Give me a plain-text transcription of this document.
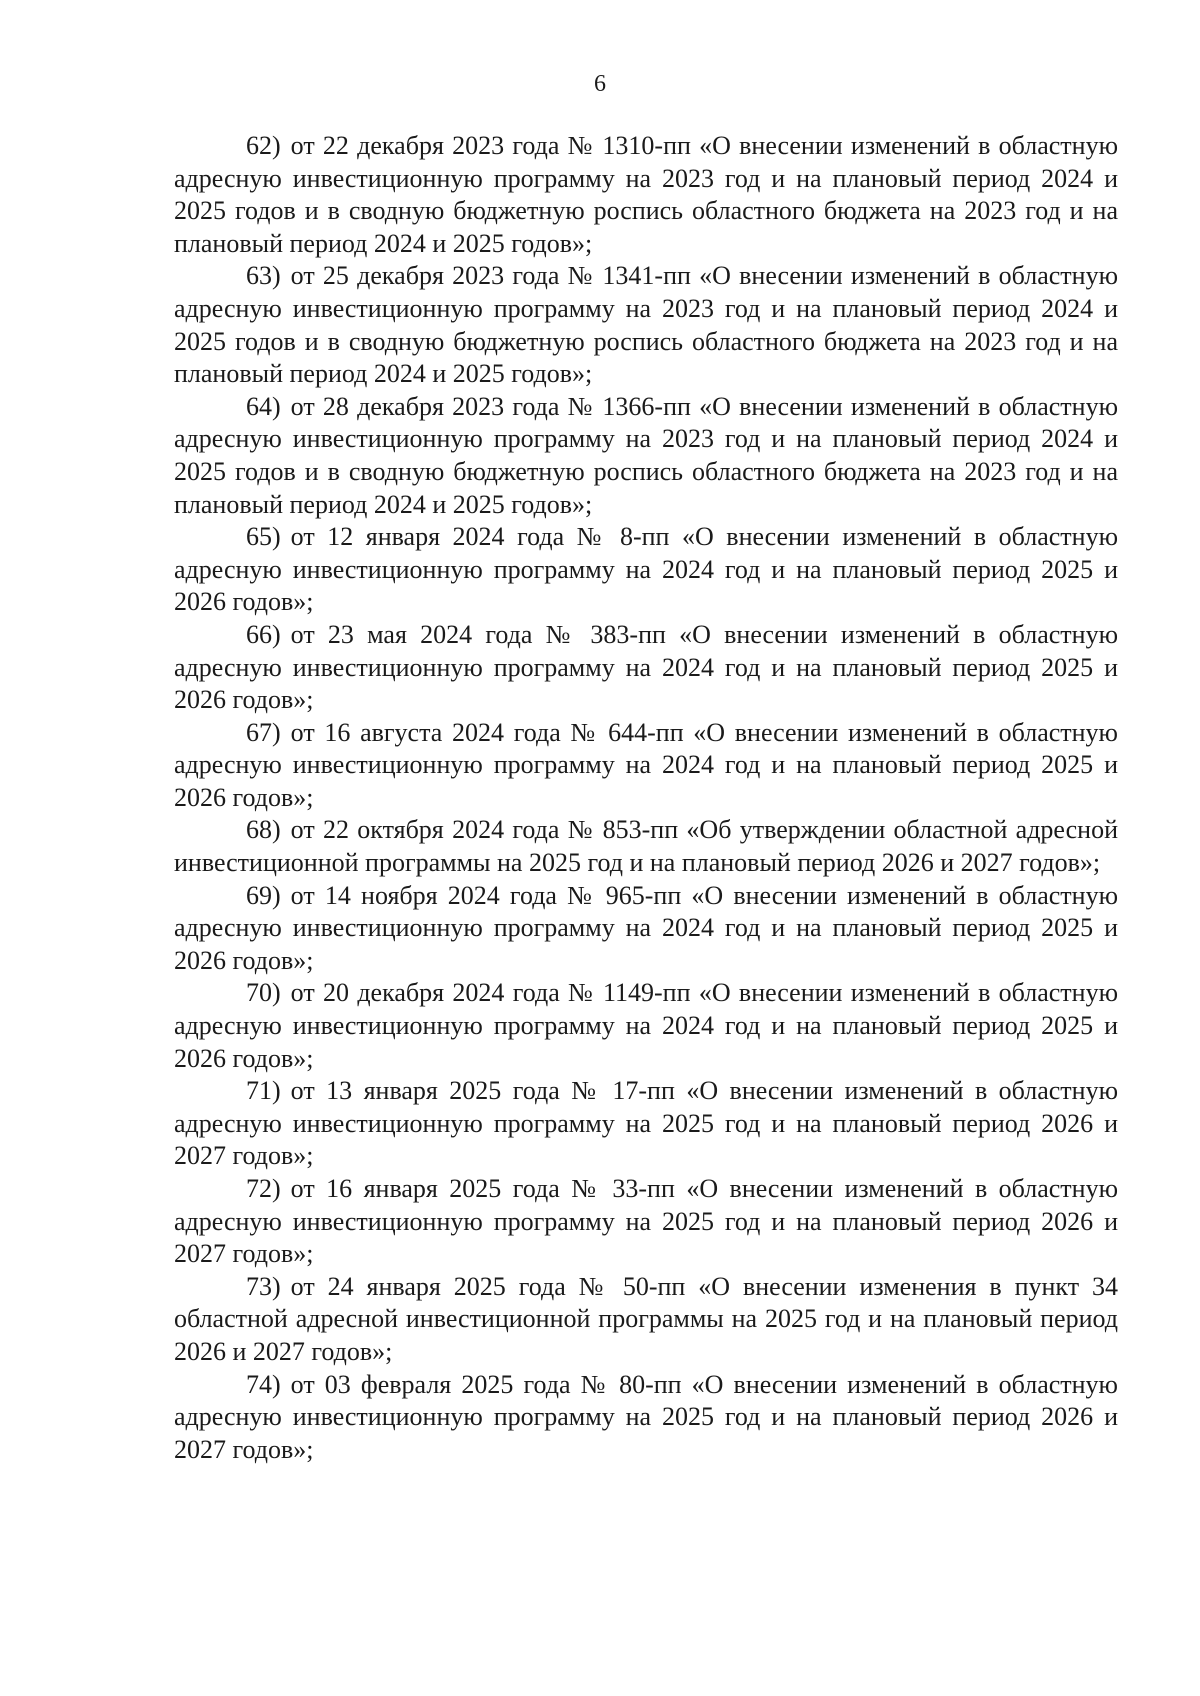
6

62) от 22 декабря 2023 года № 1310-пп «О внесении изменений в областную адресную инвестиционную программу на 2023 год и на плановый период 2024 и 2025 годов и в сводную бюджетную роспись областного бюджета на 2023 год и на плановый период 2024 и 2025 годов»;

63) от 25 декабря 2023 года № 1341-пп «О внесении изменений в областную адресную инвестиционную программу на 2023 год и на плановый период 2024 и 2025 годов и в сводную бюджетную роспись областного бюджета на 2023 год и на плановый период 2024 и 2025 годов»;

64) от 28 декабря 2023 года № 1366-пп «О внесении изменений в областную адресную инвестиционную программу на 2023 год и на плановый период 2024 и 2025 годов и в сводную бюджетную роспись областного бюджета на 2023 год и на плановый период 2024 и 2025 годов»;

65) от 12 января 2024 года № 8-пп «О внесении изменений в областную адресную инвестиционную программу на 2024 год и на плановый период 2025 и 2026 годов»;

66) от 23 мая 2024 года № 383-пп «О внесении изменений в областную адресную инвестиционную программу на 2024 год и на плановый период 2025 и 2026 годов»;

67) от 16 августа 2024 года № 644-пп «О внесении изменений в областную адресную инвестиционную программу на 2024 год и на плановый период 2025 и 2026 годов»;

68) от 22 октября 2024 года № 853-пп «Об утверждении областной адресной инвестиционной программы на 2025 год и на плановый период 2026 и 2027 годов»;

69) от 14 ноября 2024 года № 965-пп «О внесении изменений в областную адресную инвестиционную программу на 2024 год и на плановый период 2025 и 2026 годов»;

70) от 20 декабря 2024 года № 1149-пп «О внесении изменений в областную адресную инвестиционную программу на 2024 год и на плановый период 2025 и 2026 годов»;

71) от 13 января 2025 года № 17-пп «О внесении изменений в областную адресную инвестиционную программу на 2025 год и на плановый период 2026 и 2027 годов»;

72) от 16 января 2025 года № 33-пп «О внесении изменений в областную адресную инвестиционную программу на 2025 год и на плановый период 2026 и 2027 годов»;

73) от 24 января 2025 года № 50-пп «О внесении изменения в пункт 34 областной адресной инвестиционной программы на 2025 год и на плановый период 2026 и 2027 годов»;

74) от 03 февраля 2025 года № 80-пп «О внесении изменений в областную адресную инвестиционную программу на 2025 год и на плановый период 2026 и 2027 годов»;
